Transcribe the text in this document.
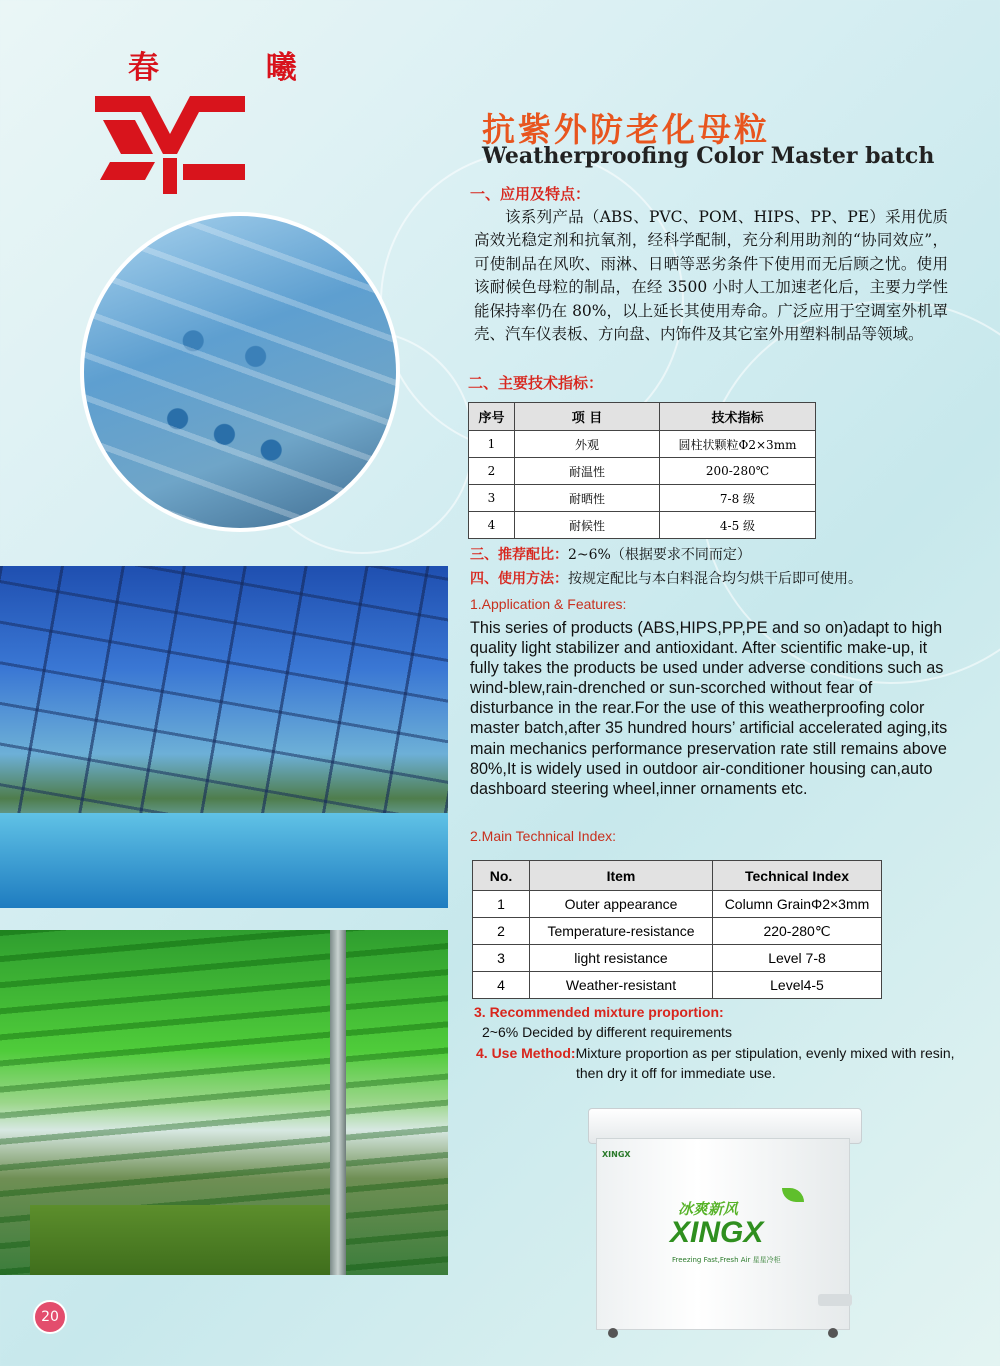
春 曦
抗紫外防老化母粒
Weatherproofing Color Master batch
一、应用及特点：
该系列产品（ABS、PVC、POM、HIPS、PP、PE）采用优质高效光稳定剂和抗氧剂，经科学配制，充分利用助剂的“协同效应”，可使制品在风吹、雨淋、日晒等恶劣条件下使用而无后顾之忧。使用该耐候色母粒的制品，在经 3500 小时人工加速老化后，主要力学性能保持率仍在 80%，以上延长其使用寿命。广泛应用于空调室外机罩壳、汽车仪表板、方向盘、内饰件及其它室外用塑料制品等领域。
二、主要技术指标：
序号	项 目	技术指标
1	外观	圆柱状颗粒Φ2×3mm
2	耐温性	200-280℃
3	耐晒性	7-8 级
4	耐候性	4-5 级
三、推荐配比：2~6%（根据要求不同而定）
四、使用方法：按规定配比与本白料混合均匀烘干后即可使用。
1.Application & Features:
This series of products (ABS,HIPS,PP,PE and so on)adapt to high quality light stabilizer and antioxidant. After scientific make-up, it fully takes the products be used under adverse conditions such as wind-blew,rain-drenched or sun-scorched without fear of disturbance in the rear.For the use of this weatherproofing color master batch,after 35 hundred hours’ artificial accelerated aging,its main mechanics performance preservation rate still remains above 80%,It is widely used in outdoor air-conditioner housing can,auto dashboard steering wheel,inner ornaments etc.
2.Main Technical Index:
No.	Item	Technical Index
1	Outer appearance	Column GrainΦ2×3mm
2	Temperature-resistance	220-280℃
3	light resistance	Level 7-8
4	Weather-resistant	Level4-5
3. Recommended mixture proportion:
2~6% Decided by different requirements
4. Use Method:Mixture proportion as per stipulation, evenly mixed with resin,
then dry it off for immediate use.
XINGX
冰爽新风
XINGX
Freezing Fast,Fresh Air 星星冷柜
20
